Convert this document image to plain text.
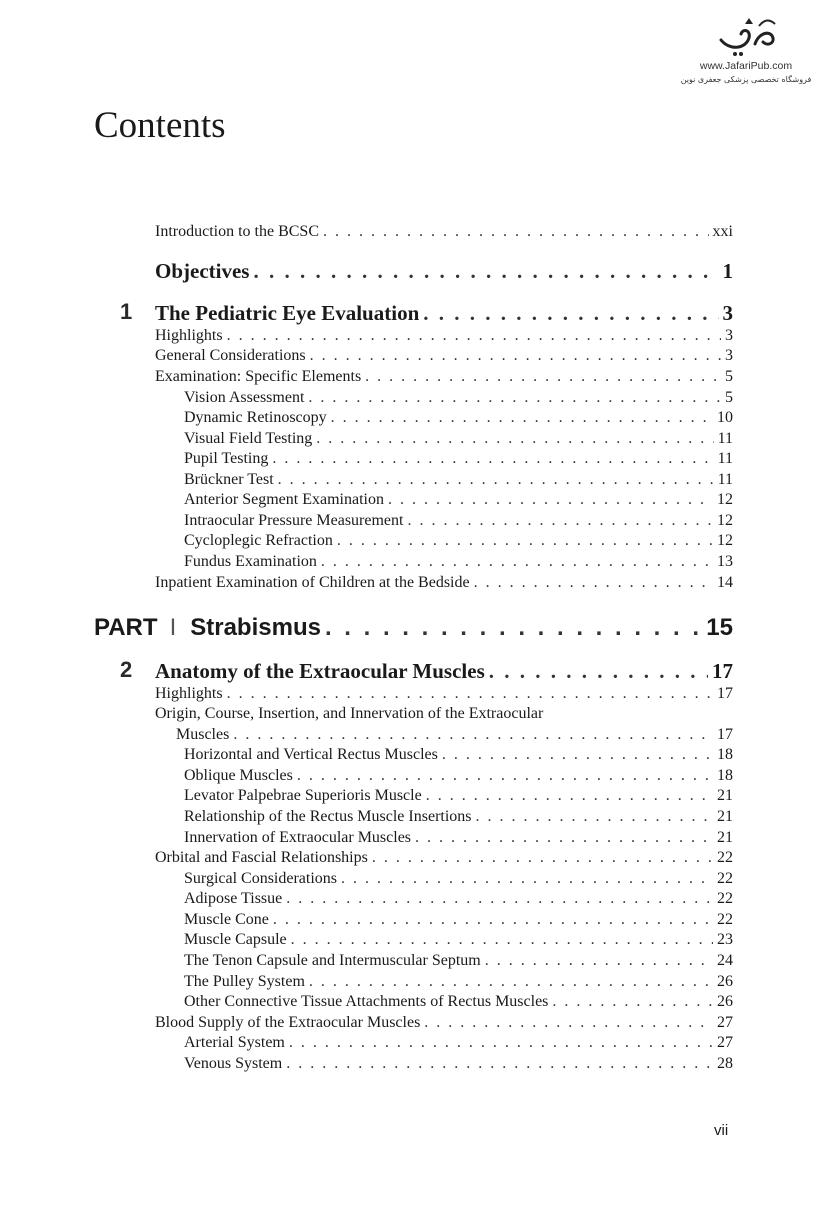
www.JafariPub.com
فروشگاه تخصصی پزشکی جعفری نوین
Contents
Introduction to the BCSC . . .	xxi
Objectives . . .	1
1 The Pediatric Eye Evaluation . . .	3
Highlights . . .	3
General Considerations . . .	3
Examination: Specific Elements . . .	5
Vision Assessment . . .	5
Dynamic Retinoscopy . . .	10
Visual Field Testing . . .	11
Pupil Testing . . .	11
Brückner Test . . .	11
Anterior Segment Examination . . .	12
Intraocular Pressure Measurement . . .	12
Cycloplegic Refraction . . .	12
Fundus Examination . . .	13
Inpatient Examination of Children at the Bedside . . .	14
PART I Strabismus . . .	15
2 Anatomy of the Extraocular Muscles . . .	17
Highlights . . .	17
Origin, Course, Insertion, and Innervation of the Extraocular
Muscles . . .	17
Horizontal and Vertical Rectus Muscles . . .	18
Oblique Muscles . . .	18
Levator Palpebrae Superioris Muscle . . .	21
Relationship of the Rectus Muscle Insertions . . .	21
Innervation of Extraocular Muscles . . .	21
Orbital and Fascial Relationships . . .	22
Surgical Considerations . . .	22
Adipose Tissue . . .	22
Muscle Cone . . .	22
Muscle Capsule . . .	23
The Tenon Capsule and Intermuscular Septum . . .	24
The Pulley System . . .	26
Other Connective Tissue Attachments of Rectus Muscles . . .	26
Blood Supply of the Extraocular Muscles . . .	27
Arterial System . . .	27
Venous System . . .	28
vii
